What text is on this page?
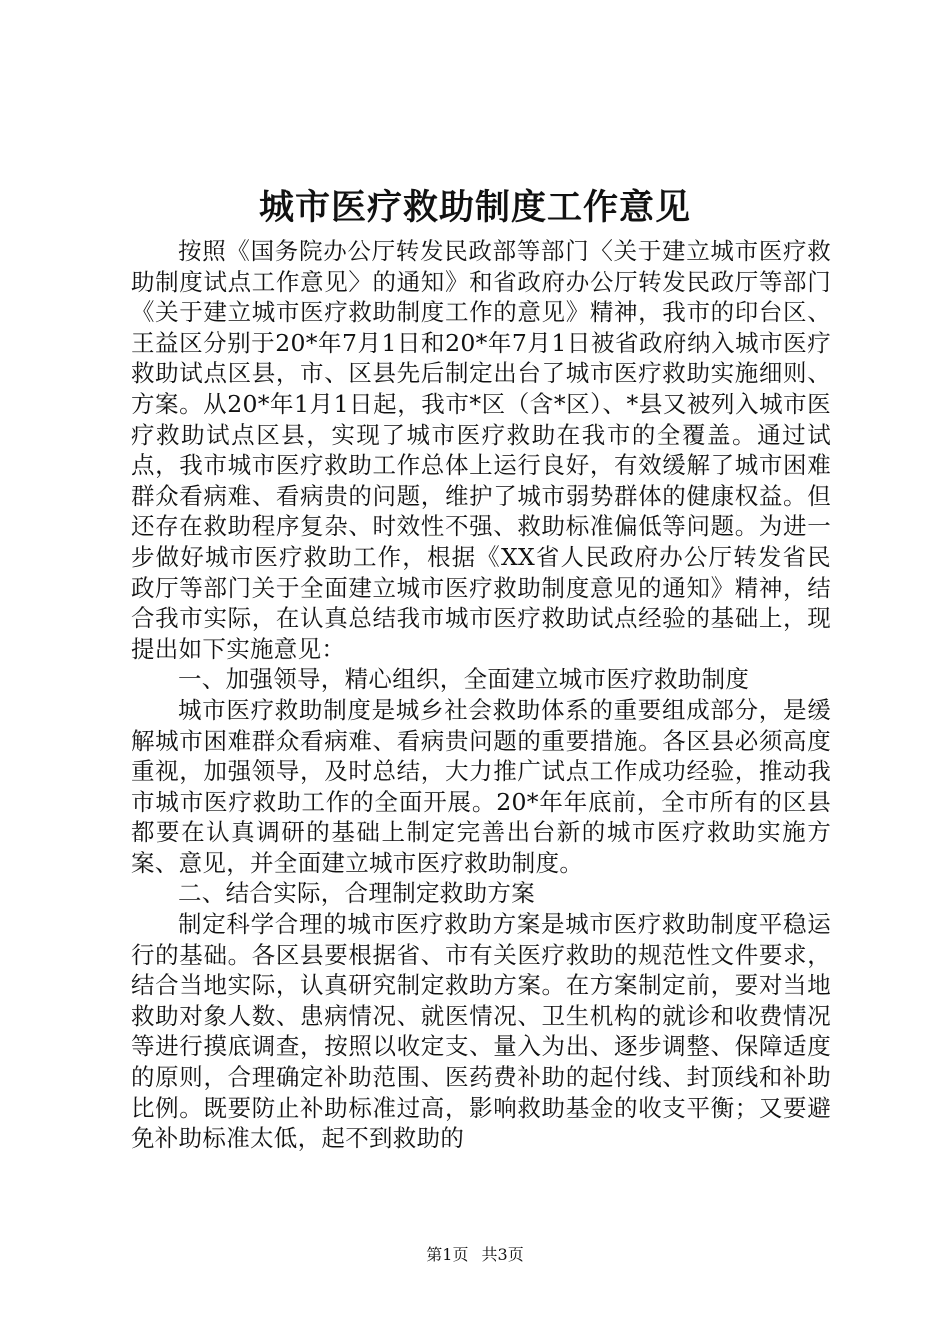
城市医疗救助制度工作意见

按照《国务院办公厅转发民政部等部门〈关于建立城市医疗救助制度试点工作意见〉的通知》和省政府办公厅转发民政厅等部门《关于建立城市医疗救助制度工作的意见》精神，我市的印台区、王益区分别于20*年7月1日和20*年7月1日被省政府纳入城市医疗救助试点区县，市、区县先后制定出台了城市医疗救助实施细则、方案。从20*年1月1日起，我市*区（含*区）、*县又被列入城市医疗救助试点区县，实现了城市医疗救助在我市的全覆盖。通过试点，我市城市医疗救助工作总体上运行良好，有效缓解了城市困难群众看病难、看病贵的问题，维护了城市弱势群体的健康权益。但还存在救助程序复杂、时效性不强、救助标准偏低等问题。为进一步做好城市医疗救助工作，根据《XX省人民政府办公厅转发省民政厅等部门关于全面建立城市医疗救助制度意见的通知》精神，结合我市实际，在认真总结我市城市医疗救助试点经验的基础上，现提出如下实施意见：

一、加强领导，精心组织，全面建立城市医疗救助制度

城市医疗救助制度是城乡社会救助体系的重要组成部分，是缓解城市困难群众看病难、看病贵问题的重要措施。各区县必须高度重视，加强领导，及时总结，大力推广试点工作成功经验，推动我市城市医疗救助工作的全面开展。20*年年底前，全市所有的区县都要在认真调研的基础上制定完善出台新的城市医疗救助实施方案、意见，并全面建立城市医疗救助制度。

二、结合实际，合理制定救助方案

制定科学合理的城市医疗救助方案是城市医疗救助制度平稳运行的基础。各区县要根据省、市有关医疗救助的规范性文件要求，结合当地实际，认真研究制定救助方案。在方案制定前，要对当地救助对象人数、患病情况、就医情况、卫生机构的就诊和收费情况等进行摸底调查，按照以收定支、量入为出、逐步调整、保障适度的原则，合理确定补助范围、医药费补助的起付线、封顶线和补助比例。既要防止补助标准过高，影响救助基金的收支平衡；又要避免补助标准太低，起不到救助的

第1页 共3页
